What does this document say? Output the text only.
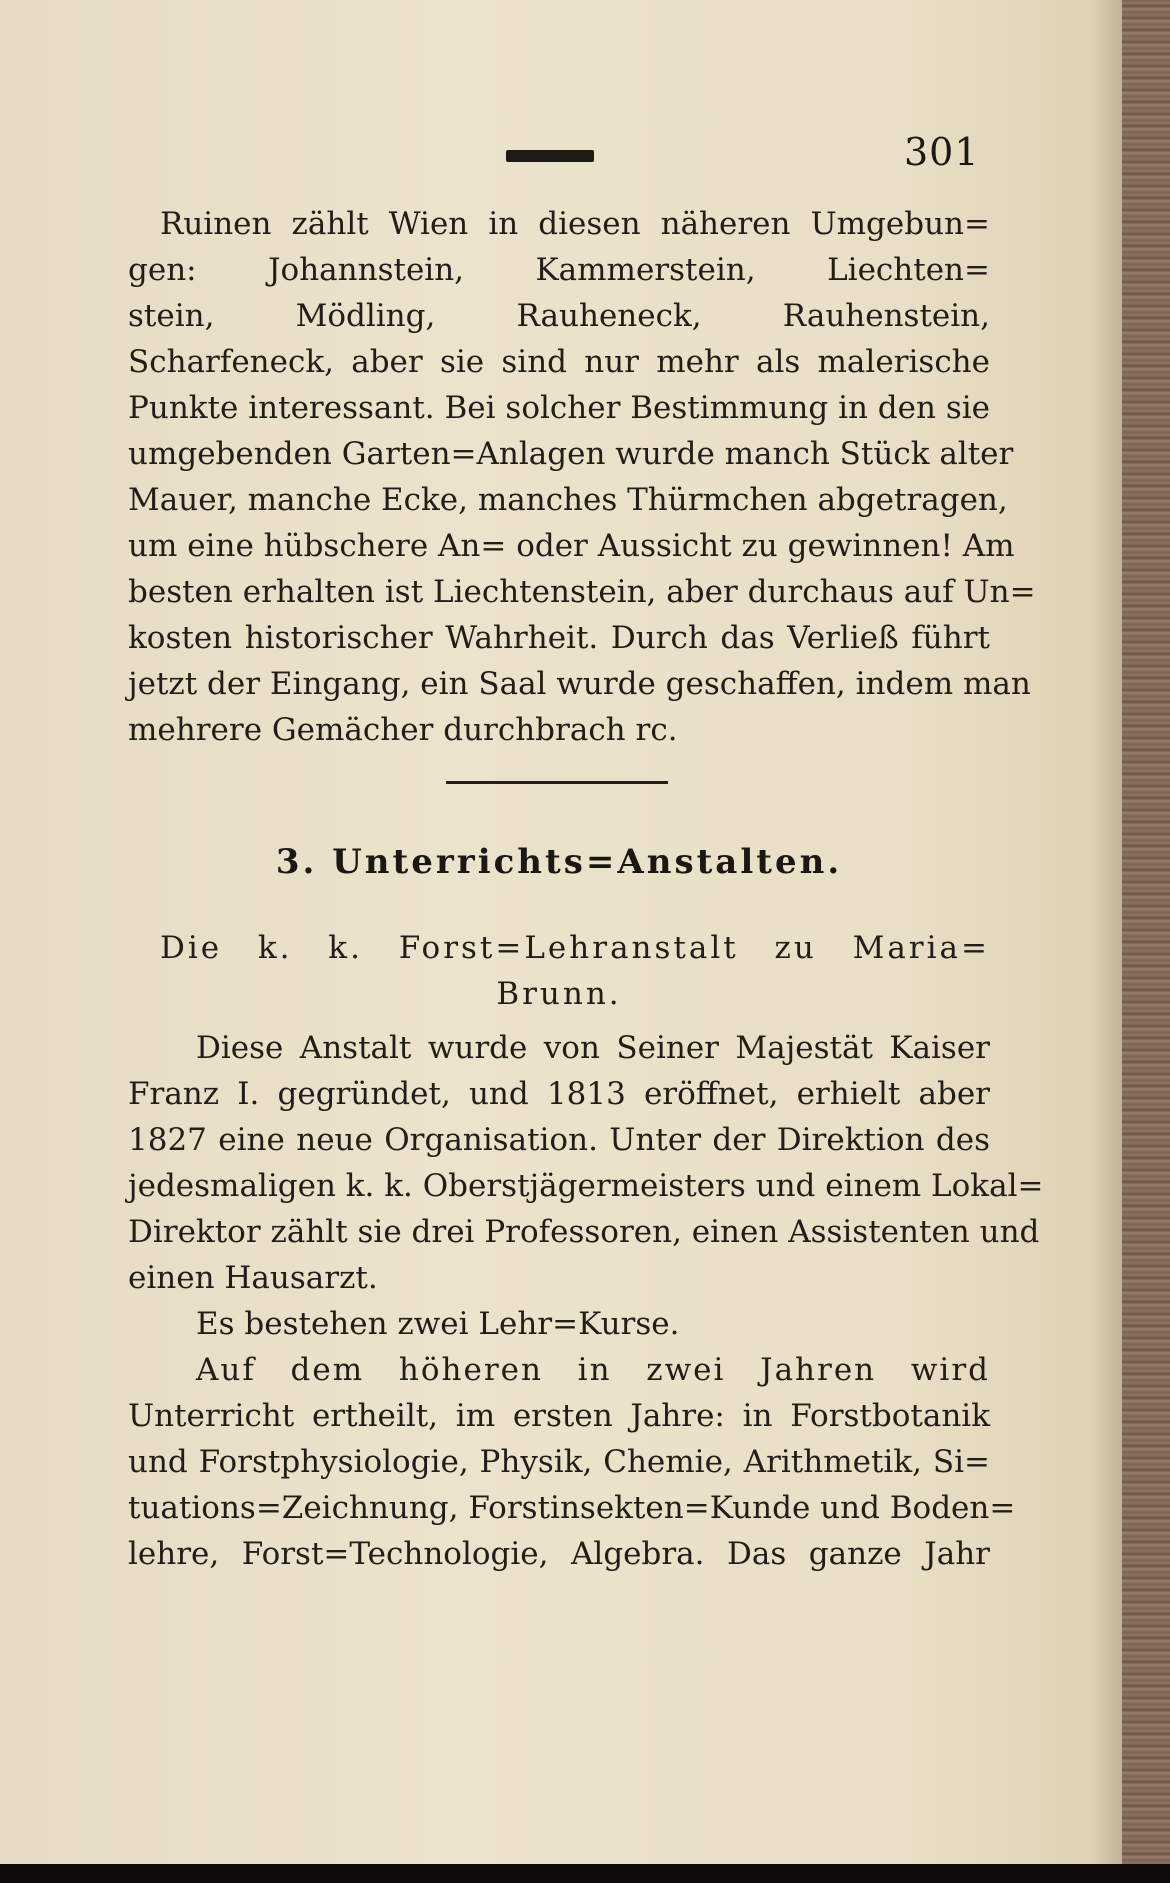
301
Ruinen zählt Wien in diesen näheren Umgebun=
gen: Johannstein, Kammerstein, Liechten=
stein, Mödling, Rauheneck, Rauhenstein,
Scharfeneck, aber sie sind nur mehr als malerische
Punkte interessant. Bei solcher Bestimmung in den sie
umgebenden Garten=Anlagen wurde manch Stück alter
Mauer, manche Ecke, manches Thürmchen abgetragen,
um eine hübschere An= oder Aussicht zu gewinnen! Am
besten erhalten ist Liechtenstein, aber durchaus auf Un=
kosten historischer Wahrheit. Durch das Verließ führt
jetzt der Eingang, ein Saal wurde geschaffen, indem man
mehrere Gemächer durchbrach rc.
3. Unterrichts=Anstalten.
Die k. k. Forst=Lehranstalt zu Maria=
Brunn.
Diese Anstalt wurde von Seiner Majestät Kaiser
Franz I. gegründet, und 1813 eröffnet, erhielt aber
1827 eine neue Organisation. Unter der Direktion des
jedesmaligen k. k. Oberstjägermeisters und einem Lokal=
Direktor zählt sie drei Professoren, einen Assistenten und
einen Hausarzt.
Es bestehen zwei Lehr=Kurse.
Auf dem höheren in zwei Jahren wird
Unterricht ertheilt, im ersten Jahre: in Forstbotanik
und Forstphysiologie, Physik, Chemie, Arithmetik, Si=
tuations=Zeichnung, Forstinsekten=Kunde und Boden=
lehre, Forst=Technologie, Algebra. Das ganze Jahr
